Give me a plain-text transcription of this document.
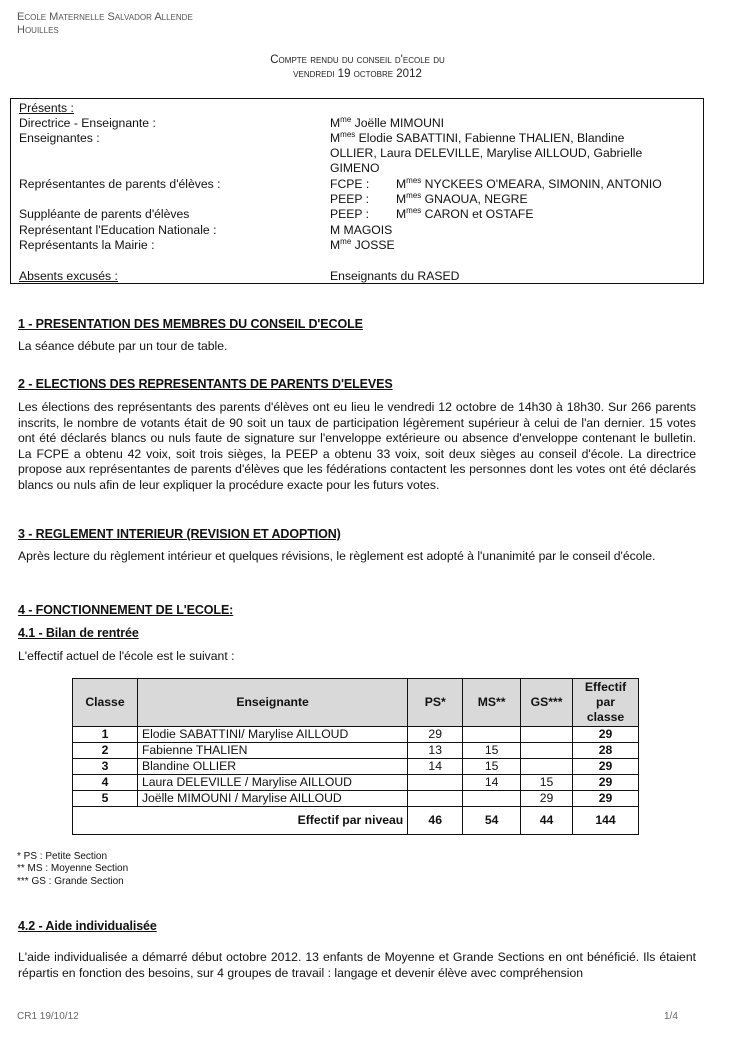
Ecole Maternelle Salvador Allende
Houilles
Compte rendu du conseil d'ecole du
vendredi 19 octobre 2012
Présents :
Directrice - Enseignante :	$M^{me}$ Joëlle MIMOUNI
Enseignantes :	$M^{mes}$ Elodie SABATTINI, Fabienne THALIEN, Blandine
OLLIER, Laura DELEVILLE, Marylise AILLOUD, Gabrielle
GIMENO
Représentantes de parents d'élèves :	FCPE : $M^{mes}$ NYCKEES O'MEARA, SIMONIN, ANTONIO
PEEP : $M^{mes}$ GNAOUA, NEGRE
Suppléante de parents d'élèves	PEEP : $M^{mes}$ CARON et OSTAFE
Représentant l'Education Nationale :	M MAGOIS
Représentants la Mairie :	$M^{me}$ JOSSE
Absents excusés :	Enseignants du RASED
1 - PRESENTATION DES MEMBRES DU CONSEIL D'ECOLE
La séance débute par un tour de table.
2 - ELECTIONS DES REPRESENTANTS DE PARENTS D'ELEVES
Les élections des représentants des parents d'élèves ont eu lieu le vendredi 12 octobre de 14h30 à 18h30. Sur 266 parents inscrits, le nombre de votants était de 90 soit un taux de participation légèrement supérieur à celui de l'an dernier. 15 votes ont été déclarés blancs ou nuls faute de signature sur l'enveloppe extérieure ou absence d'enveloppe contenant le bulletin. La FCPE a obtenu 42 voix, soit trois sièges, la PEEP a obtenu 33 voix, soit deux sièges au conseil d'école. La directrice propose aux représentantes de parents d'élèves que les fédérations contactent les personnes dont les votes ont été déclarés blancs ou nuls afin de leur expliquer la procédure exacte pour les futurs votes.
3 - REGLEMENT INTERIEUR (REVISION ET ADOPTION)
Après lecture du règlement intérieur et quelques révisions, le règlement est adopté à l'unanimité par le conseil d'école.
4 - FONCTIONNEMENT DE L'ECOLE:
4.1 - Bilan de rentrée
L'effectif actuel de l'école est le suivant :
Classe	Enseignante	PS*	MS**	GS***	Effectif
par
classe

1	Elodie SABATTINI/ Marylise AILLOUD	29			29
2	Fabienne THALIEN	13	15		28
3	Blandine OLLIER	14	15		29
4	Laura DELEVILLE / Marylise AILLOUD		14	15	29
5	Joëlle MIMOUNI / Marylise AILLOUD			29	29
Effectif par niveau		46	54	44	144
* PS : Petite Section
** MS : Moyenne Section
*** GS : Grande Section
4.2 - Aide individualisée
L'aide individualisée a démarré début octobre 2012. 13 enfants de Moyenne et Grande Sections en ont bénéficié. Ils étaient répartis en fonction des besoins, sur 4 groupes de travail : langage et devenir élève avec compréhension
CR1 19/10/12	1/4
